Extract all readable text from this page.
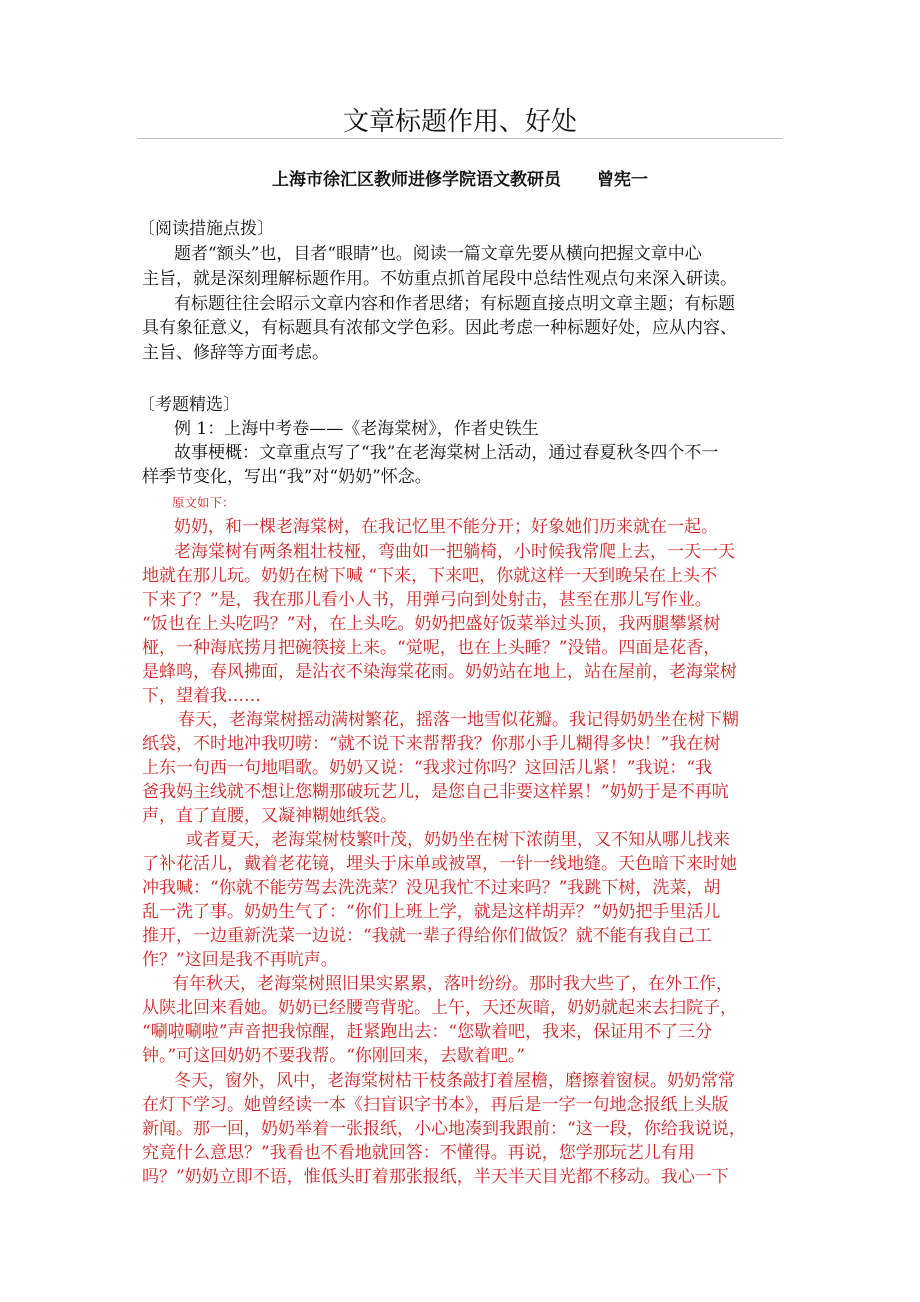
文章标题作用、好处
上海市徐汇区教师进修学院语文教研员 曾宪一
〔阅读措施点拨〕
题者“额头”也，目者“眼睛”也。阅读一篇文章先要从横向把握文章中心
主旨，就是深刻理解标题作用。不妨重点抓首尾段中总结性观点句来深入研读。
有标题往往会昭示文章内容和作者思绪；有标题直接点明文章主题；有标题
具有象征意义，有标题具有浓郁文学色彩。因此考虑一种标题好处，应从内容、
主旨、修辞等方面考虑。
〔考题精选〕
例 1：上海中考卷——《老海棠树》，作者史铁生
故事梗概：文章重点写了“我”在老海棠树上活动，通过春夏秋冬四个不一
样季节变化，写出“我”对“奶奶”怀念。
原文如下：
奶奶，和一棵老海棠树，在我记忆里不能分开；好象她们历来就在一起。
老海棠树有两条粗壮枝桠，弯曲如一把躺椅，小时候我常爬上去，一天一天
地就在那儿玩。奶奶在树下喊 “下来，下来吧，你就这样一天到晚呆在上头不
下来了？”是，我在那儿看小人书，用弹弓向到处射击，甚至在那儿写作业。
“饭也在上头吃吗？”对，在上头吃。奶奶把盛好饭菜举过头顶，我两腿攀紧树
桠，一种海底捞月把碗筷接上来。“觉呢，也在上头睡？”没错。四面是花香，
是蜂鸣，春风拂面，是沾衣不染海棠花雨。奶奶站在地上，站在屋前，老海棠树
下，望着我……
春天，老海棠树摇动满树繁花，摇落一地雪似花瓣。我记得奶奶坐在树下糊
纸袋，不时地冲我叨唠：“就不说下来帮帮我？你那小手儿糊得多快！”我在树
上东一句西一句地唱歌。奶奶又说：“我求过你吗？这回活儿紧！”我说：“我
爸我妈主线就不想让您糊那破玩艺儿，是您自己非要这样累！”奶奶于是不再吭
声，直了直腰，又凝神糊她纸袋。
或者夏天，老海棠树枝繁叶茂，奶奶坐在树下浓荫里，又不知从哪儿找来
了补花活儿，戴着老花镜，埋头于床单或被罩，一针一线地缝。天色暗下来时她
冲我喊：“你就不能劳驾去洗洗菜？没见我忙不过来吗？”我跳下树，洗菜，胡
乱一洗了事。奶奶生气了：“你们上班上学，就是这样胡弄？”奶奶把手里活儿
推开，一边重新洗菜一边说：“我就一辈子得给你们做饭？就不能有我自己工
作？”这回是我不再吭声。
有年秋天，老海棠树照旧果实累累，落叶纷纷。那时我大些了，在外工作，
从陕北回来看她。奶奶已经腰弯背驼。上午，天还灰暗，奶奶就起来去扫院子，
“唰啦唰啦”声音把我惊醒，赶紧跑出去：“您歇着吧，我来，保证用不了三分
钟。”可这回奶奶不要我帮。“你刚回来，去歇着吧。”
冬天，窗外，风中，老海棠树枯干枝条敲打着屋檐，磨擦着窗棂。奶奶常常
在灯下学习。她曾经读一本《扫盲识字书本》，再后是一字一句地念报纸上头版
新闻。那一回，奶奶举着一张报纸，小心地凑到我跟前：“这一段，你给我说说，
究竟什么意思？”我看也不看地就回答：不懂得。再说，您学那玩艺儿有用
吗？”奶奶立即不语，惟低头盯着那张报纸，半天半天目光都不移动。我心一下
